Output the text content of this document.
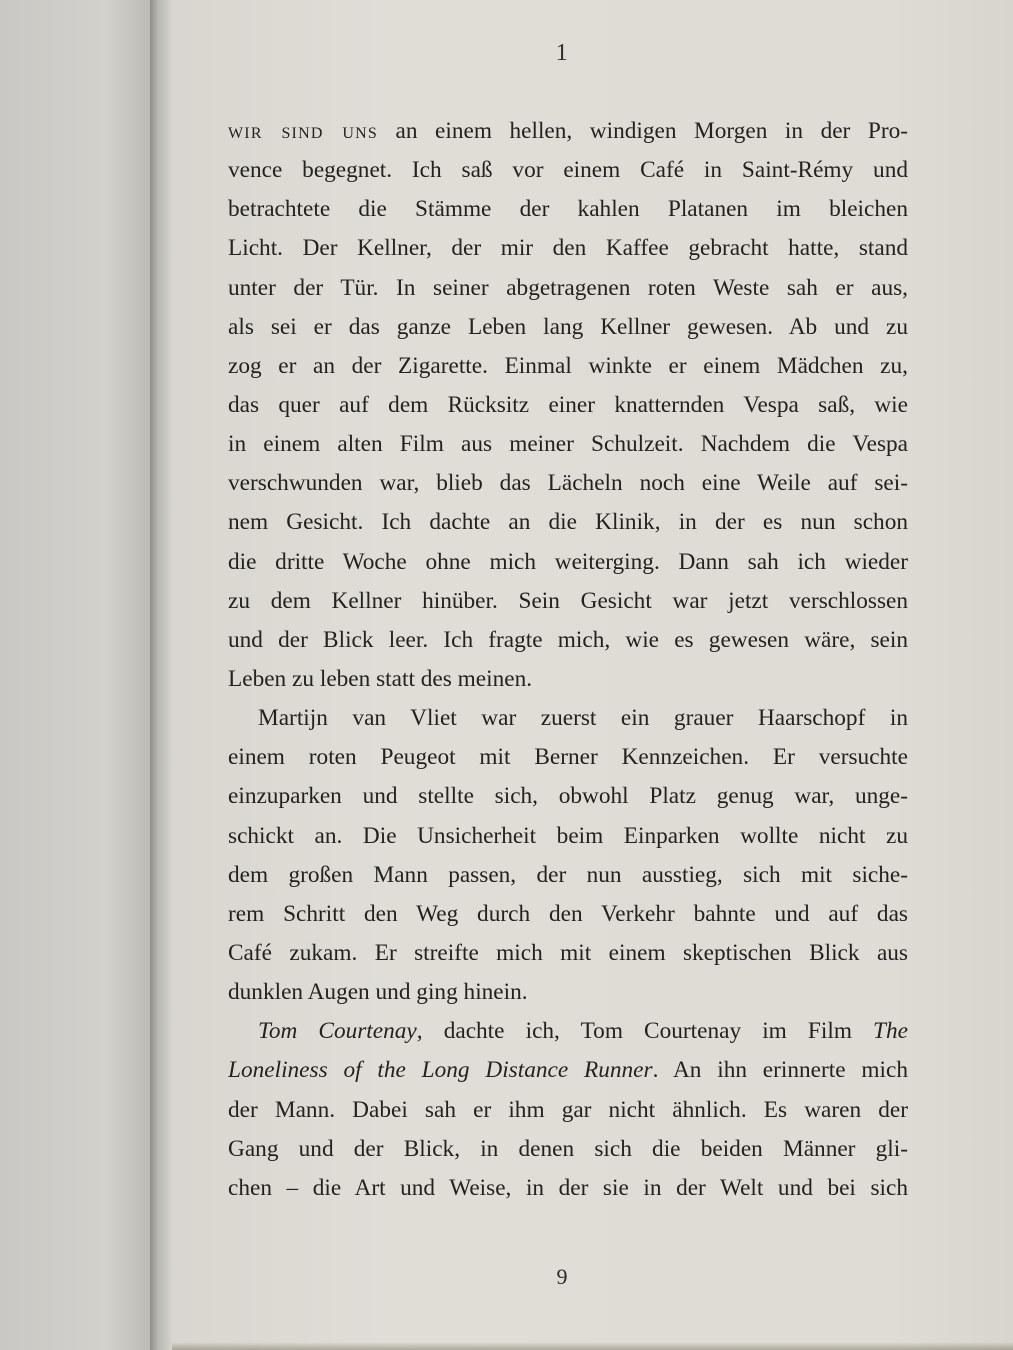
1
wir sind uns an einem hellen, windigen Morgen in der Pro-
vence begegnet. Ich saß vor einem Café in Saint-Rémy und
betrachtete die Stämme der kahlen Platanen im bleichen
Licht. Der Kellner, der mir den Kaffee gebracht hatte, stand
unter der Tür. In seiner abgetragenen roten Weste sah er aus,
als sei er das ganze Leben lang Kellner gewesen. Ab und zu
zog er an der Zigarette. Einmal winkte er einem Mädchen zu,
das quer auf dem Rücksitz einer knatternden Vespa saß, wie
in einem alten Film aus meiner Schulzeit. Nachdem die Vespa
verschwunden war, blieb das Lächeln noch eine Weile auf sei-
nem Gesicht. Ich dachte an die Klinik, in der es nun schon
die dritte Woche ohne mich weiterging. Dann sah ich wieder
zu dem Kellner hinüber. Sein Gesicht war jetzt verschlossen
und der Blick leer. Ich fragte mich, wie es gewesen wäre, sein
Leben zu leben statt des meinen.
Martijn van Vliet war zuerst ein grauer Haarschopf in
einem roten Peugeot mit Berner Kennzeichen. Er versuchte
einzuparken und stellte sich, obwohl Platz genug war, unge-
schickt an. Die Unsicherheit beim Einparken wollte nicht zu
dem großen Mann passen, der nun ausstieg, sich mit siche-
rem Schritt den Weg durch den Verkehr bahnte und auf das
Café zukam. Er streifte mich mit einem skeptischen Blick aus
dunklen Augen und ging hinein.
Tom Courtenay, dachte ich, Tom Courtenay im Film The
Loneliness of the Long Distance Runner. An ihn erinnerte mich
der Mann. Dabei sah er ihm gar nicht ähnlich. Es waren der
Gang und der Blick, in denen sich die beiden Männer gli-
chen – die Art und Weise, in der sie in der Welt und bei sich
9
